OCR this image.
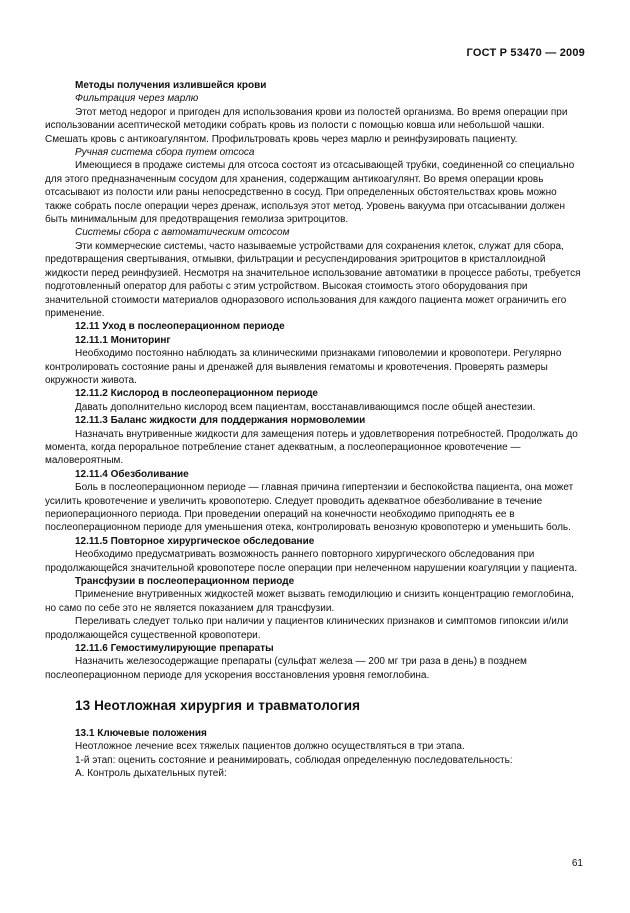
ГОСТ Р 53470 — 2009

Методы получения излившейся крови

Фильтрация через марлю

Этот метод недорог и пригоден для использования крови из полостей организма. Во время операции при использовании асептической методики собрать кровь из полости с помощью ковша или небольшой чашки. Смешать кровь с антикоагулянтом. Профильтровать кровь через марлю и реинфузировать пациенту.

Ручная система сбора путем отсоса

Имеющиеся в продаже системы для отсоса состоят из отсасывающей трубки, соединенной со специально для этого предназначенным сосудом для хранения, содержащим антикоагулянт. Во время операции кровь отсасывают из полости или раны непосредственно в сосуд. При определенных обстоятельствах кровь можно также собрать после операции через дренаж, используя этот метод. Уровень вакуума при отсасывании должен быть минимальным для предотвращения гемолиза эритроцитов.

Системы сбора с автоматическим отсосом

Эти коммерческие системы, часто называемые устройствами для сохранения клеток, служат для сбора, предотвращения свертывания, отмывки, фильтрации и ресуспендирования эритроцитов в кристаллоидной жидкости перед реинфузией. Несмотря на значительное использование автоматики в процессе работы, требуется подготовленный оператор для работы с этим устройством. Высокая стоимость этого оборудования при значительной стоимости материалов одноразового использования для каждого пациента может ограничить его применение.

12.11 Уход в послеоперационном периоде

12.11.1 Мониторинг

Необходимо постоянно наблюдать за клиническими признаками гиповолемии и кровопотери. Регулярно контролировать состояние раны и дренажей для выявления гематомы и кровотечения. Проверять размеры окружности живота.

12.11.2 Кислород в послеоперационном периоде

Давать дополнительно кислород всем пациентам, восстанавливающимся после общей анестезии.

12.11.3 Баланс жидкости для поддержания нормоволемии

Назначать внутривенные жидкости для замещения потерь и удовлетворения потребностей. Продолжать до момента, когда пероральное потребление станет адекватным, а послеоперационное кровотечение — маловероятным.

12.11.4 Обезболивание

Боль в послеоперационном периоде — главная причина гипертензии и беспокойства пациента, она может усилить кровотечение и увеличить кровопотерю. Следует проводить адекватное обезболивание в течение периоперационного периода. При проведении операций на конечности необходимо приподнять ее в послеоперационном периоде для уменьшения отека, контролировать венозную кровопотерю и уменьшить боль.

12.11.5 Повторное хирургическое обследование

Необходимо предусматривать возможность раннего повторного хирургического обследования при продолжающейся значительной кровопотере после операции при нелеченном нарушении коагуляции у пациента.

Трансфузии в послеоперационном периоде

Применение внутривенных жидкостей может вызвать гемодилюцию и снизить концентрацию гемоглобина, но само по себе это не является показанием для трансфузии.

Переливать следует только при наличии у пациентов клинических признаков и симптомов гипоксии и/или продолжающейся существенной кровопотери.

12.11.6 Гемостимулирующие препараты

Назначить железосодержащие препараты (сульфат железа — 200 мг три раза в день) в позднем послеоперационном периоде для ускорения восстановления уровня гемоглобина.

13 Неотложная хирургия и травматология

13.1 Ключевые положения

Неотложное лечение всех тяжелых пациентов должно осуществляться в три этапа.

1-й этап: оценить состояние и реанимировать, соблюдая определенную последовательность:

А. Контроль дыхательных путей:

61
